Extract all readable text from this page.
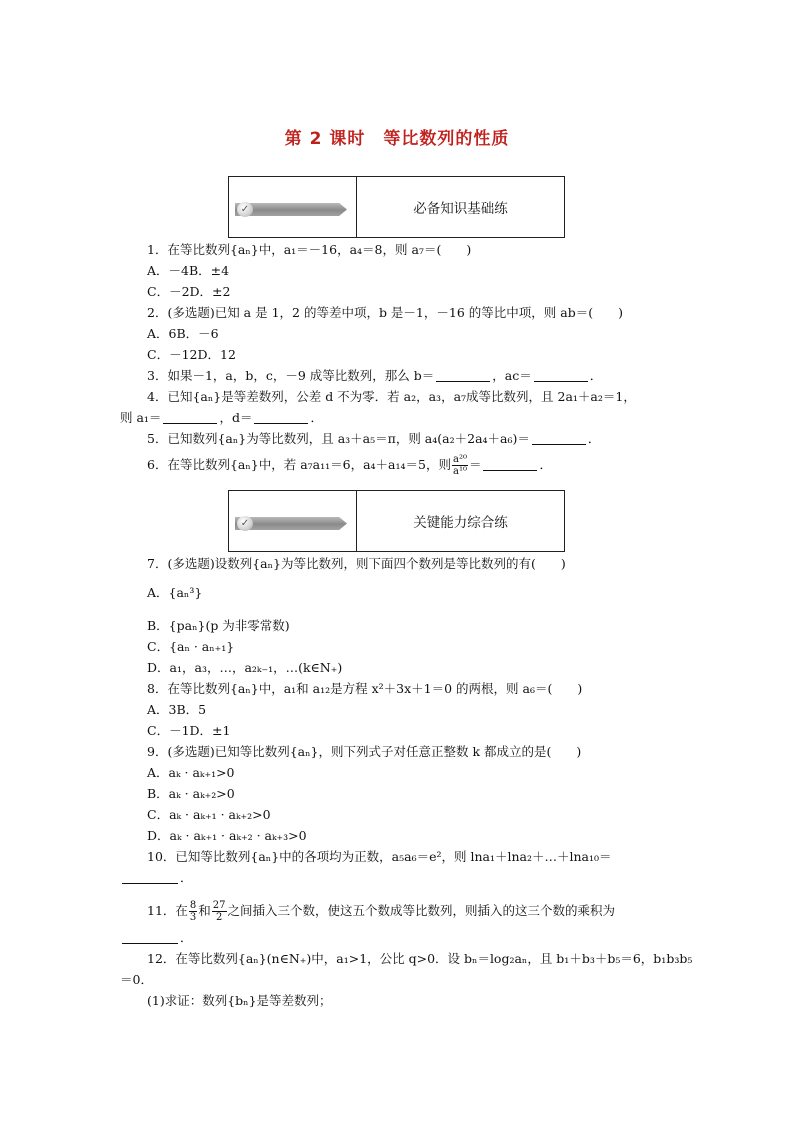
第 2 课时　等比数列的性质
✓	必备知识基础练
1．在等比数列{aₙ}中，a₁＝－16，a₄＝8，则 a₇＝(　　)
A．－4B．±4
C．－2D．±2
2．(多选题)已知 a 是 1，2 的等差中项，b 是－1，－16 的等比中项，则 ab＝(　　)
A．6B．－6
C．－12D．12
3．如果－1，a，b，c，－9 成等比数列，那么 b＝	，ac＝	．
4．已知{aₙ}是等差数列，公差 d 不为零．若 a₂，a₃，a₇成等比数列，且 2a₁＋a₂＝1，
则 a₁＝	，d＝	．
5．已知数列{aₙ}为等比数列，且 a₃＋a₅＝π，则 a₄(a₂＋2a₄＋a₆)＝	．
6．在等比数列{aₙ}中，若 a₇a₁₁＝6，a₄＋a₁₄＝5，则 $\frac{\text{a²⁰}}{\text{a¹⁰}}$ ＝	．
✓	关键能力综合练
7．(多选题)设数列{aₙ}为等比数列，则下面四个数列是等比数列的有(　　)
A．{aₙ³}
B．{paₙ}(p 为非零常数)
C．{aₙ · aₙ₊₁}
D．a₁，a₃，…，a₂ₖ₋₁，…(k∈N₊)
8．在等比数列{aₙ}中，a₁和 a₁₂是方程 x²＋3x＋1＝0 的两根，则 a₆＝(　　)
A．3B．5
C．－1D．±1
9．(多选题)已知等比数列{aₙ}，则下列式子对任意正整数 k 都成立的是(　　)
A．aₖ · aₖ₊₁>0
B．aₖ · aₖ₊₂>0
C．aₖ · aₖ₊₁ · aₖ₊₂>0
D．aₖ · aₖ₊₁ · aₖ₊₂ · aₖ₊₃>0
10．已知等比数列{aₙ}中的各项均为正数，a₅a₆＝e²，则 lna₁＋lna₂＋…＋lna₁₀＝
．
11．在 $\frac{8}{3}$ 和 $\frac{27}{2}$ 之间插入三个数，使这五个数成等比数列，则插入的这三个数的乘积为
．
12．在等比数列{aₙ}(n∈N₊)中，a₁>1，公比 q>0．设 bₙ＝log₂aₙ，且 b₁＋b₃＋b₅＝6，b₁b₃b₅
＝0．
(1)求证：数列{bₙ}是等差数列；
